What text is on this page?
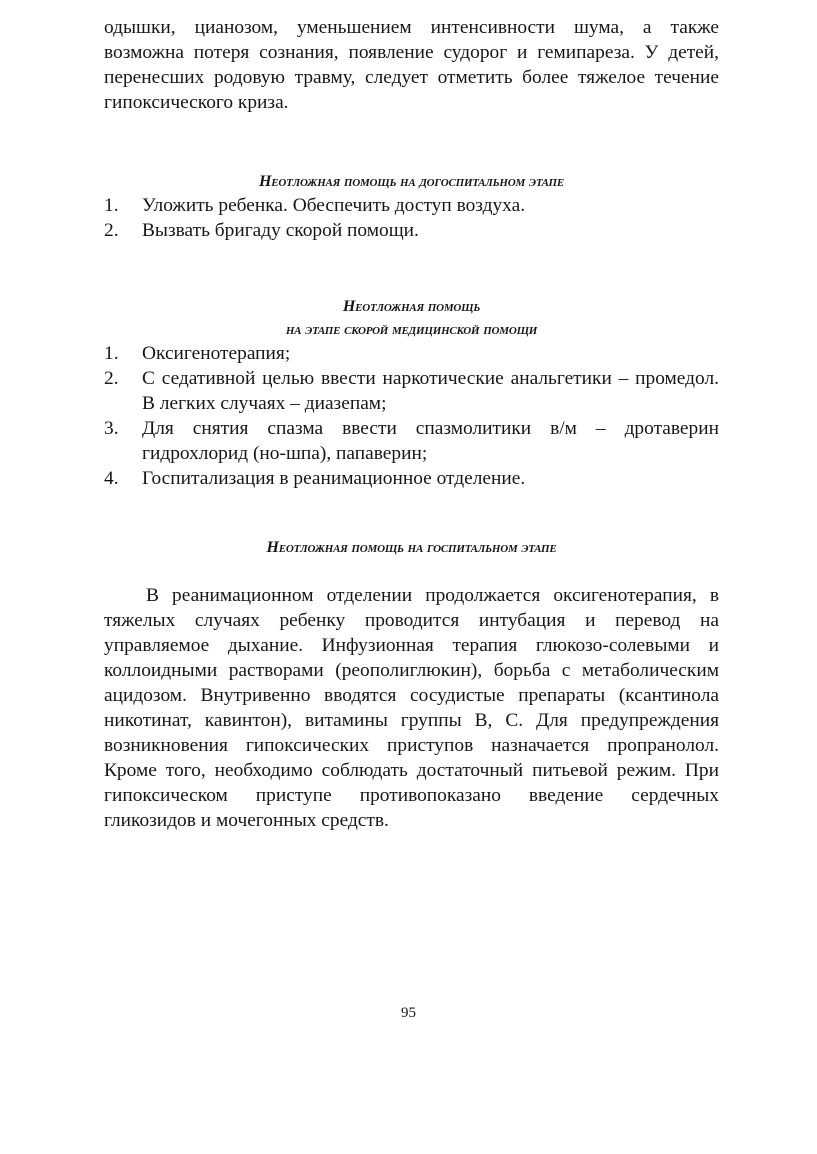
одышки, цианозом, уменьшением интенсивности шума, а также возможна потеря сознания, появление судорог и гемипареза. У детей, перенесших родовую травму, следует отметить более тяжелое течение гипоксического криза.

Неотложная помощь на догоспитальном этапе
1. Уложить ребенка. Обеспечить доступ воздуха.
2. Вызвать бригаду скорой помощи.
Неотложная помощь
на этапе скорой медицинской помощи
1. Оксигенотерапия;
2. С седативной целью ввести наркотические анальгетики – промедол. В легких случаях – диазепам;
3. Для снятия спазма ввести спазмолитики в/м – дротаверин гидрохлорид (но-шпа), папаверин;
4. Госпитализация в реанимационное отделение.
Неотложная помощь на госпитальном этапе

В реанимационном отделении продолжается оксигенотерапия, в тяжелых случаях ребенку проводится интубация и перевод на управляемое дыхание. Инфузионная терапия глюкозо-солевыми и коллоидными растворами (реополиглюкин), борьба с метаболическим ацидозом. Внутривенно вводятся сосудистые препараты (ксантинола никотинат, кавинтон), витамины группы В, С. Для предупреждения возникновения гипоксических приступов назначается пропранолол. Кроме того, необходимо соблюдать достаточный питьевой режим. При гипоксическом приступе противопоказано введение сердечных гликозидов и мочегонных средств.

95
